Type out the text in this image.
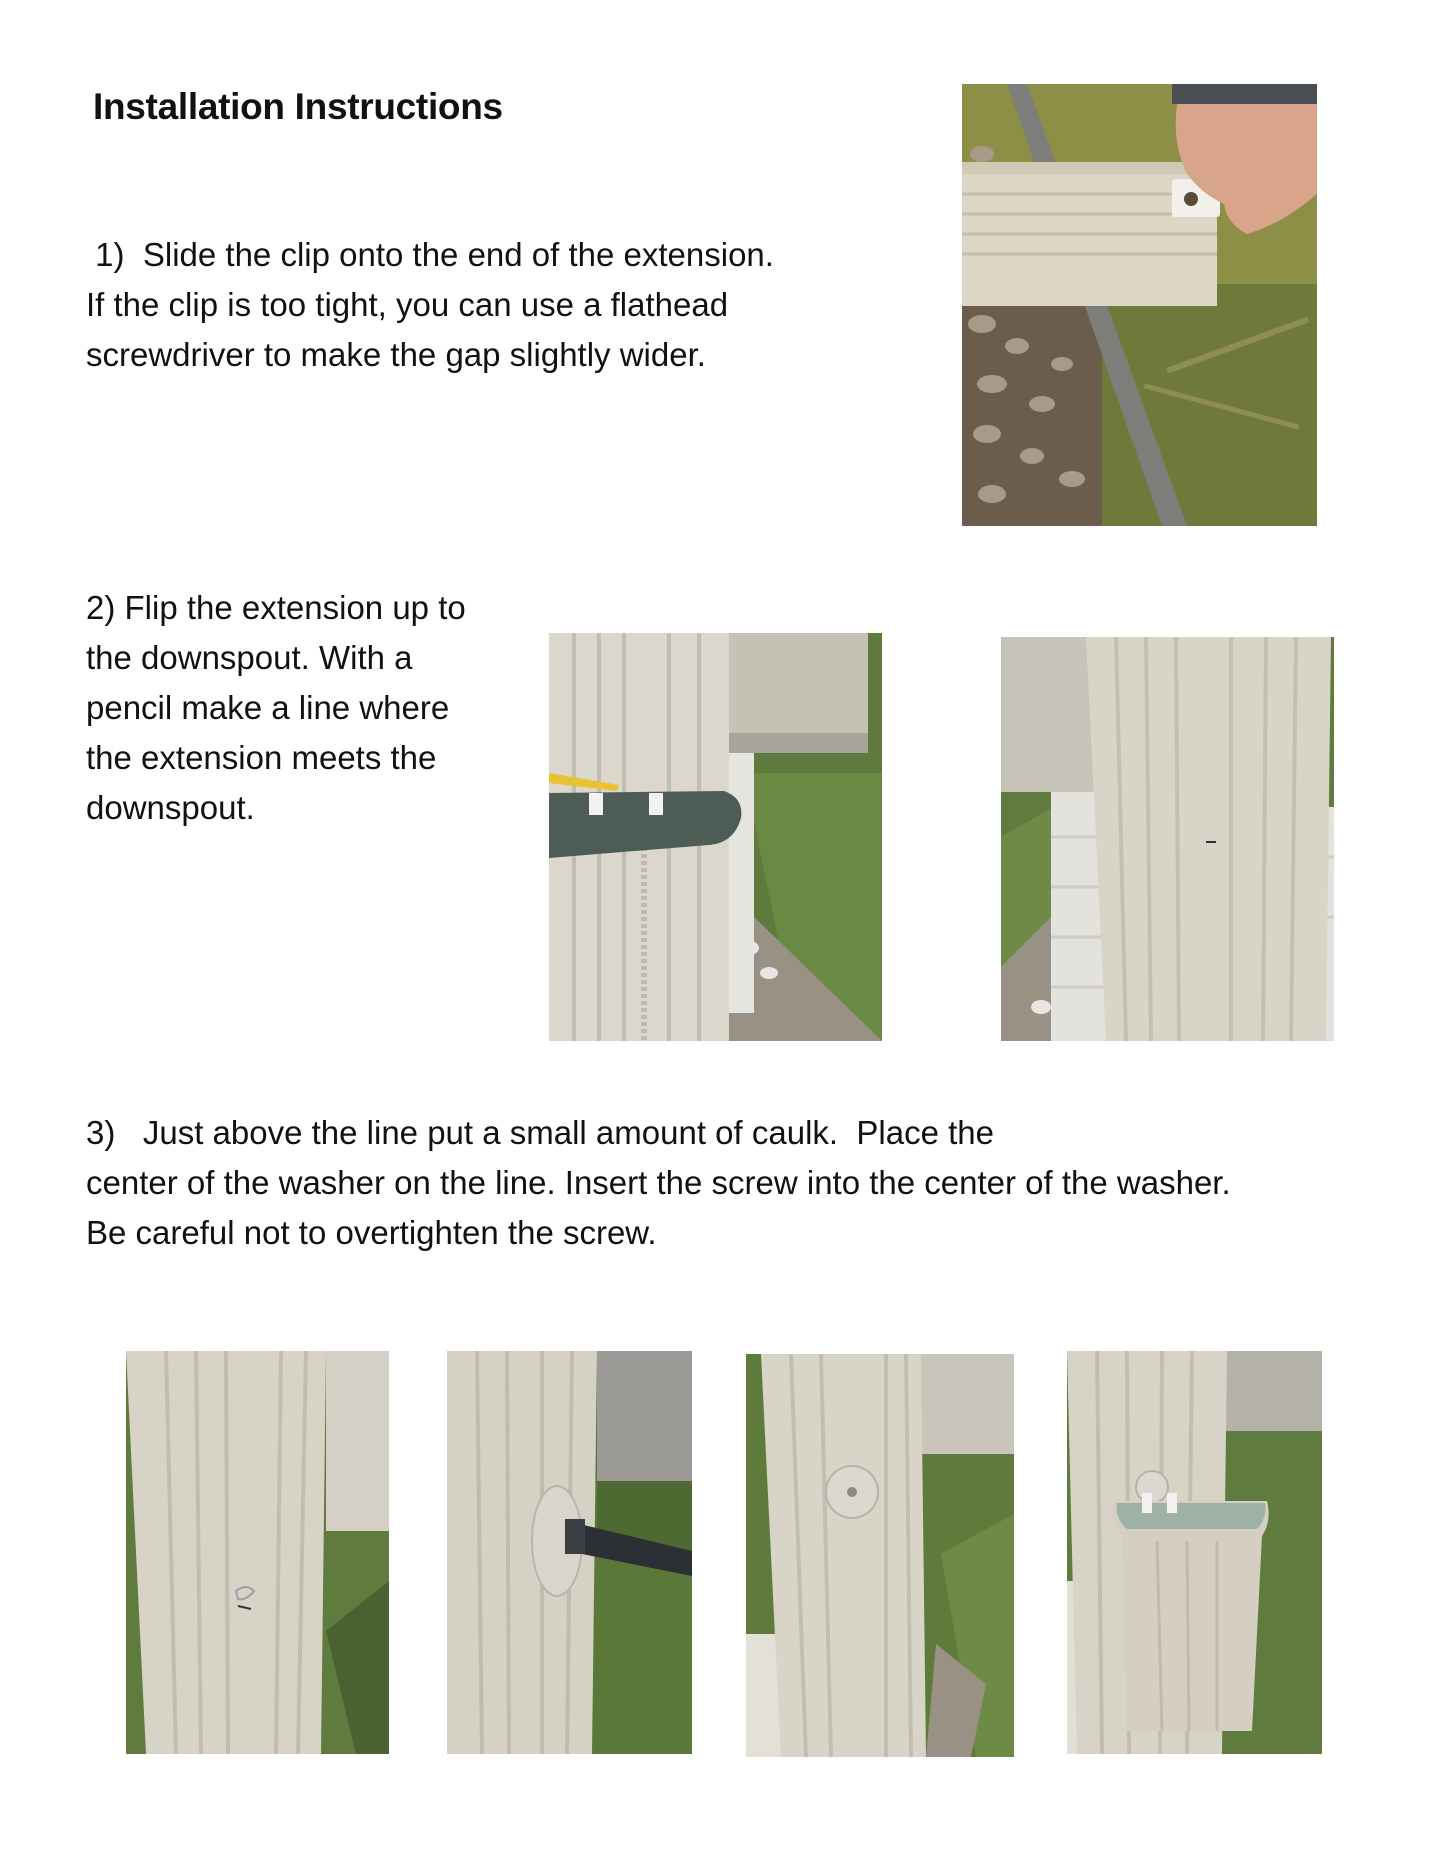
Installation Instructions
1)  Slide the clip onto the end of the extension.
If the clip is too tight, you can use a flathead
screwdriver to make the gap slightly wider.
2) Flip the extension up to
the downspout. With a
pencil make a line where
the extension meets the
downspout.
3)   Just above the line put a small amount of caulk.  Place the
center of the washer on the line. Insert the screw into the center of the washer.
Be careful not to overtighten the screw.
